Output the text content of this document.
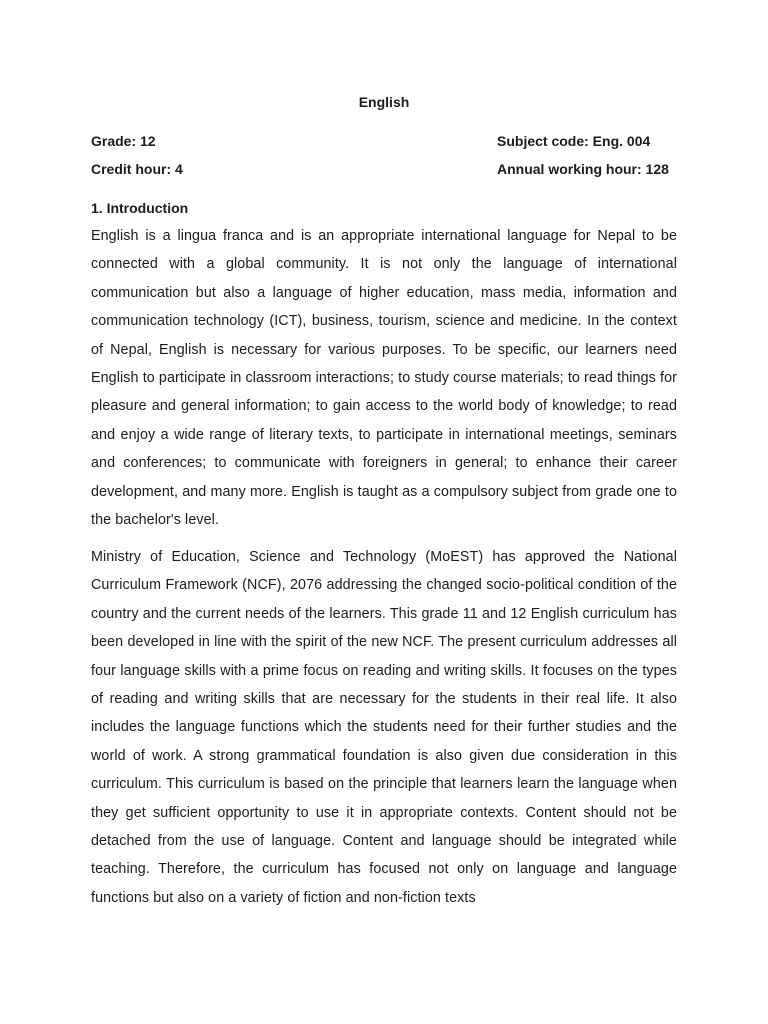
English
Grade: 12	Subject code: Eng. 004
Credit hour: 4	Annual working hour: 128
1. Introduction

English is a lingua franca and is an appropriate international language for Nepal to be connected with a global community. It is not only the language of international communication but also a language of higher education, mass media, information and communication technology (ICT), business, tourism, science and medicine. In the context of Nepal, English is necessary for various purposes. To be specific, our learners need English to participate in classroom interactions; to study course materials; to read things for pleasure and general information; to gain access to the world body of knowledge; to read and enjoy a wide range of literary texts, to participate in international meetings, seminars and conferences; to communicate with foreigners in general; to enhance their career development, and many more. English is taught as a compulsory subject from grade one to the bachelor's level.

Ministry of Education, Science and Technology (MoEST) has approved the National Curriculum Framework (NCF), 2076 addressing the changed socio-political condition of the country and the current needs of the learners. This grade 11 and 12 English curriculum has been developed in line with the spirit of the new NCF. The present curriculum addresses all four language skills with a prime focus on reading and writing skills. It focuses on the types of reading and writing skills that are necessary for the students in their real life. It also includes the language functions which the students need for their further studies and the world of work. A strong grammatical foundation is also given due consideration in this curriculum. This curriculum is based on the principle that learners learn the language when they get sufficient opportunity to use it in appropriate contexts. Content should not be detached from the use of language. Content and language should be integrated while teaching. Therefore, the curriculum has focused not only on language and language functions but also on a variety of fiction and non-fiction texts
